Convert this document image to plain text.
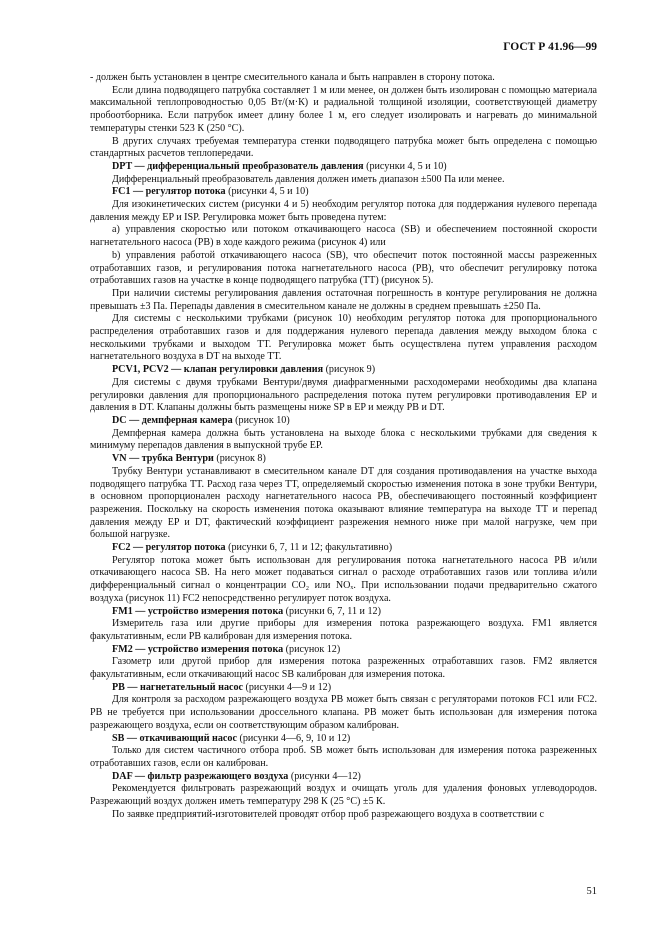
ГОСТ Р 41.96—99

- должен быть установлен в центре смесительного канала и быть направлен в сторону потока.

Если длина подводящего патрубка составляет 1 м или менее, он должен быть изолирован с помощью материала максимальной теплопроводностью 0,05 Вт/(м·К) и радиальной толщиной изоляции, соответствующей диаметру пробоотборника. Если патрубок имеет длину более 1 м, его следует изолировать и нагревать до минимальной температуры стенки 523 К (250 °С).

В других случаях требуемая температура стенки подводящего патрубка может быть определена с помощью стандартных расчетов теплопередачи.

DPT — дифференциальный преобразователь давления (рисунки 4, 5 и 10)

Дифференциальный преобразователь давления должен иметь диапазон ±500 Па или менее.

FC1 — регулятор потока (рисунки 4, 5 и 10)

Для изокинетических систем (рисунки 4 и 5) необходим регулятор потока для поддержания нулевого перепада давления между EP и ISP. Регулировка может быть проведена путем:

а) управления скоростью или потоком откачивающего насоса (SB) и обеспечением постоянной скорости нагнетательного насоса (PB) в ходе каждого режима (рисунок 4) или

b) управления работой откачивающего насоса (SB), что обеспечит поток постоянной массы разреженных отработавших газов, и регулирования потока нагнетательного насоса (PB), что обеспечит регулировку потока отработавших газов на участке в конце подводящего патрубка (TT) (рисунок 5).

При наличии системы регулирования давления остаточная погрешность в контуре регулирования не должна превышать ±3 Па. Перепады давления в смесительном канале не должны в среднем превышать ±250 Па.

Для системы с несколькими трубками (рисунок 10) необходим регулятор потока для пропорционального распределения отработавших газов и для поддержания нулевого перепада давления между выходом блока с несколькими трубками и выходом TT. Регулировка может быть осуществлена путем управления расходом нагнетательного воздуха в DT на выходе TT.

PCV1, PCV2 — клапан регулировки давления (рисунок 9)

Для системы с двумя трубками Вентури/двумя диафрагменными расходомерами необходимы два клапана регулировки давления для пропорционального распределения потока путем регулировки противодавления EP и давления в DT. Клапаны должны быть размещены ниже SP в EP и между PB и DT.

DC — демпферная камера (рисунок 10)

Демпферная камера должна быть установлена на выходе блока с несколькими трубками для сведения к минимуму перепадов давления в выпускной трубе EP.

VN — трубка Вентури (рисунок 8)

Трубку Вентури устанавливают в смесительном канале DT для создания противодавления на участке выхода подводящего патрубка TT. Расход газа через TT, определяемый скоростью изменения потока в зоне трубки Вентури, в основном пропорционален расходу нагнетательного насоса PB, обеспечивающего постоянный коэффициент разрежения. Поскольку на скорость изменения потока оказывают влияние температура на выходе TT и перепад давления между EP и DT, фактический коэффициент разрежения немного ниже при малой нагрузке, чем при большой нагрузке.

FC2 — регулятор потока (рисунки 6, 7, 11 и 12; факультативно)

Регулятор потока может быть использован для регулирования потока нагнетательного насоса PB и/или откачивающего насоса SB. На него может подаваться сигнал о расходе отработавших газов или топлива и/или дифференциальный сигнал о концентрации CO₂ или NOₓ. При использовании подачи предварительно сжатого воздуха (рисунок 11) FC2 непосредственно регулирует поток воздуха.

FM1 — устройство измерения потока (рисунки 6, 7, 11 и 12)

Измеритель газа или другие приборы для измерения потока разрежающего воздуха. FM1 является факультативным, если PB калиброван для измерения потока.

FM2 — устройство измерения потока (рисунок 12)

Газометр или другой прибор для измерения потока разреженных отработавших газов. FM2 является факультативным, если откачивающий насос SB калиброван для измерения потока.

PB — нагнетательный насос (рисунки 4—9 и 12)

Для контроля за расходом разрежающего воздуха PB может быть связан с регуляторами потоков FC1 или FC2. PB не требуется при использовании дроссельного клапана. PB может быть использован для измерения потока разрежающего воздуха, если он соответствующим образом калиброван.

SB — откачивающий насос (рисунки 4—6, 9, 10 и 12)

Только для систем частичного отбора проб. SB может быть использован для измерения потока разреженных отработавших газов, если он калиброван.

DAF — фильтр разрежающего воздуха (рисунки 4—12)

Рекомендуется фильтровать разрежающий воздух и очищать уголь для удаления фоновых углеводородов. Разрежающий воздух должен иметь температуру 298 К (25 °С) ±5 К.

По заявке предприятий-изготовителей проводят отбор проб разрежающего воздуха в соответствии с

51
